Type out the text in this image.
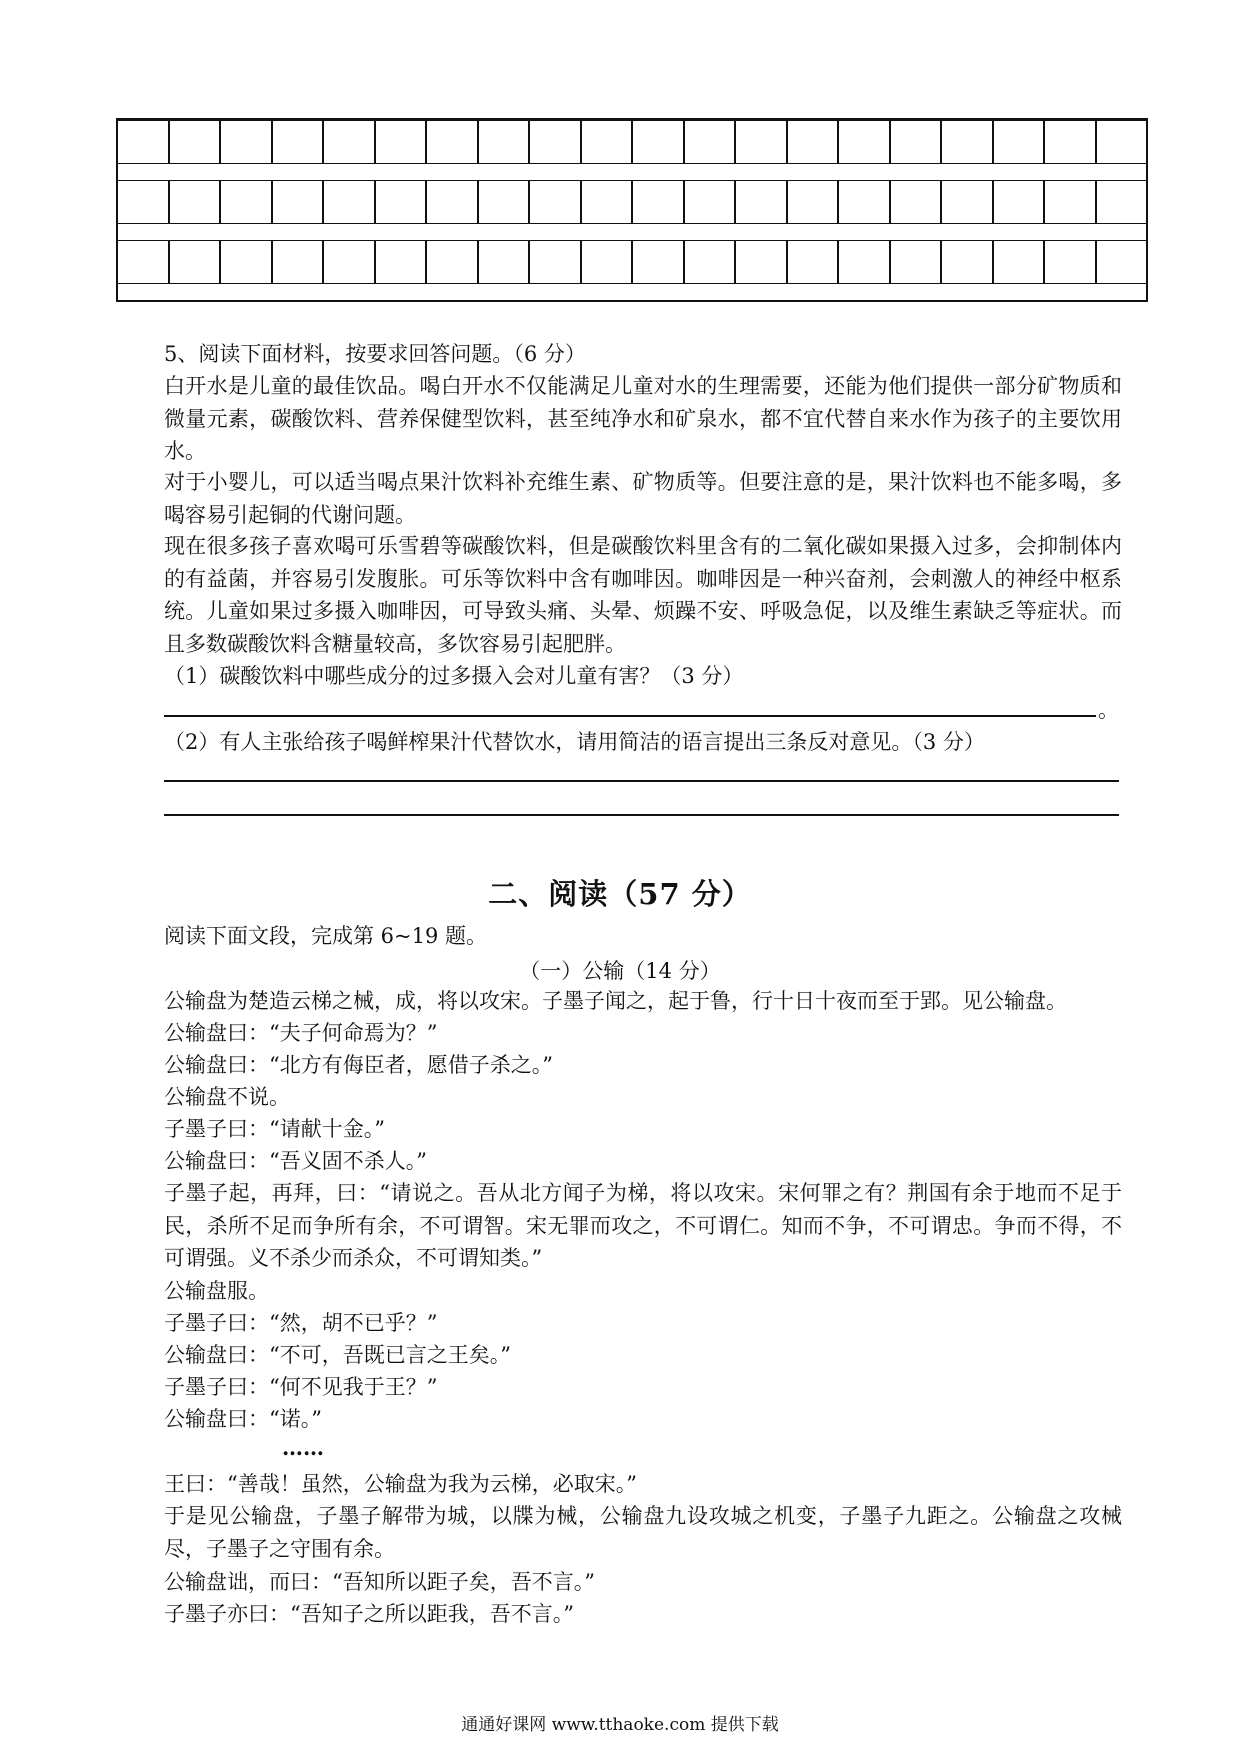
5、阅读下面材料，按要求回答问题。（6 分）
白开水是儿童的最佳饮品。喝白开水不仅能满足儿童对水的生理需要，还能为他们提供一部分矿物质和微量元素，碳酸饮料、营养保健型饮料，甚至纯净水和矿泉水，都不宜代替自来水作为孩子的主要饮用水。
对于小婴儿，可以适当喝点果汁饮料补充维生素、矿物质等。但要注意的是，果汁饮料也不能多喝，多喝容易引起铜的代谢问题。
现在很多孩子喜欢喝可乐雪碧等碳酸饮料，但是碳酸饮料里含有的二氧化碳如果摄入过多，会抑制体内的有益菌，并容易引发腹胀。可乐等饮料中含有咖啡因。咖啡因是一种兴奋剂，会刺激人的神经中枢系统。儿童如果过多摄入咖啡因，可导致头痛、头晕、烦躁不安、呼吸急促，以及维生素缺乏等症状。而且多数碳酸饮料含糖量较高，多饮容易引起肥胖。
（1）碳酸饮料中哪些成分的过多摄入会对儿童有害？（3 分）
。
（2）有人主张给孩子喝鲜榨果汁代替饮水，请用简洁的语言提出三条反对意见。（3 分）
二、阅读（57 分）
阅读下面文段，完成第 6~19 题。
（一）公输（14 分）
公输盘为楚造云梯之械，成，将以攻宋。子墨子闻之，起于鲁，行十日十夜而至于郢。见公输盘。
公输盘曰：“夫子何命焉为？”
公输盘曰：“北方有侮臣者，愿借子杀之。”
公输盘不说。
子墨子曰：“请献十金。”
公输盘曰：“吾义固不杀人。”
子墨子起，再拜，曰：“请说之。吾从北方闻子为梯，将以攻宋。宋何罪之有？荆国有余于地而不足于民，杀所不足而争所有余，不可谓智。宋无罪而攻之，不可谓仁。知而不争，不可谓忠。争而不得，不可谓强。义不杀少而杀众，不可谓知类。”
公输盘服。
子墨子曰：“然，胡不已乎？”
公输盘曰：“不可，吾既已言之王矣。”
子墨子曰：“何不见我于王？”
公输盘曰：“诺。”
……
王曰：“善哉！虽然，公输盘为我为云梯，必取宋。”
于是见公输盘，子墨子解带为城，以牒为械，公输盘九设攻城之机变，子墨子九距之。公输盘之攻械尽，子墨子之守围有余。
公输盘诎，而曰：“吾知所以距子矣，吾不言。”
子墨子亦曰：“吾知子之所以距我，吾不言。”
通通好课网 www.tthaoke.com 提供下载
